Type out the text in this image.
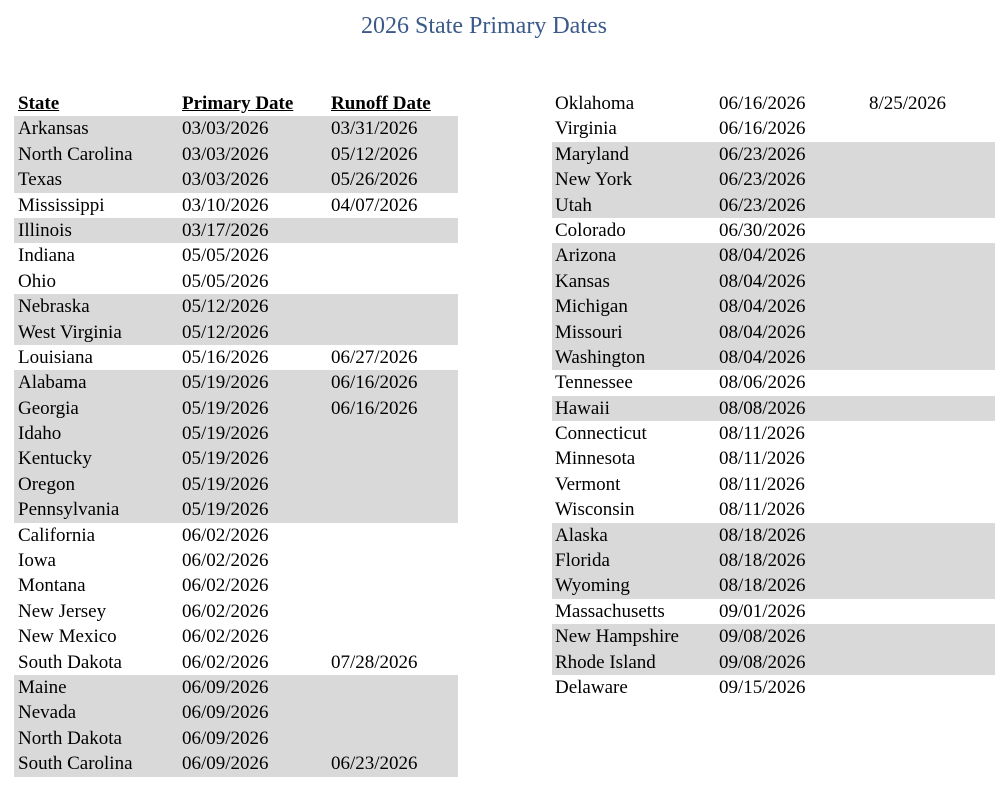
2026 State Primary Dates
State	Primary Date Runoff Date
Arkansas	03/03/2026	03/31/2026
North Carolina	03/03/2026	05/12/2026
Texas	03/03/2026	05/26/2026
Mississippi	03/10/2026	04/07/2026
Illinois	03/17/2026
Indiana	05/05/2026
Ohio	05/05/2026
Nebraska	05/12/2026
West Virginia	05/12/2026
Louisiana	05/16/2026	06/27/2026
Alabama	05/19/2026	06/16/2026
Georgia	05/19/2026	06/16/2026
Idaho	05/19/2026
Kentucky	05/19/2026
Oregon	05/19/2026
Pennsylvania	05/19/2026
California	06/02/2026
Iowa	06/02/2026
Montana	06/02/2026
New Jersey	06/02/2026
New Mexico	06/02/2026
South Dakota	06/02/2026	07/28/2026
Maine	06/09/2026
Nevada	06/09/2026
North Dakota	06/09/2026
South Carolina	06/09/2026	06/23/2026
Oklahoma	06/16/2026	8/25/2026
Virginia	06/16/2026
Maryland	06/23/2026
New York	06/23/2026
Utah	06/23/2026
Colorado	06/30/2026
Arizona	08/04/2026
Kansas	08/04/2026
Michigan	08/04/2026
Missouri	08/04/2026
Washington	08/04/2026
Tennessee	08/06/2026
Hawaii	08/08/2026
Connecticut	08/11/2026
Minnesota	08/11/2026
Vermont	08/11/2026
Wisconsin	08/11/2026
Alaska	08/18/2026
Florida	08/18/2026
Wyoming	08/18/2026
Massachusetts	09/01/2026
New Hampshire 09/08/2026
Rhode Island	09/08/2026
Delaware	09/15/2026
